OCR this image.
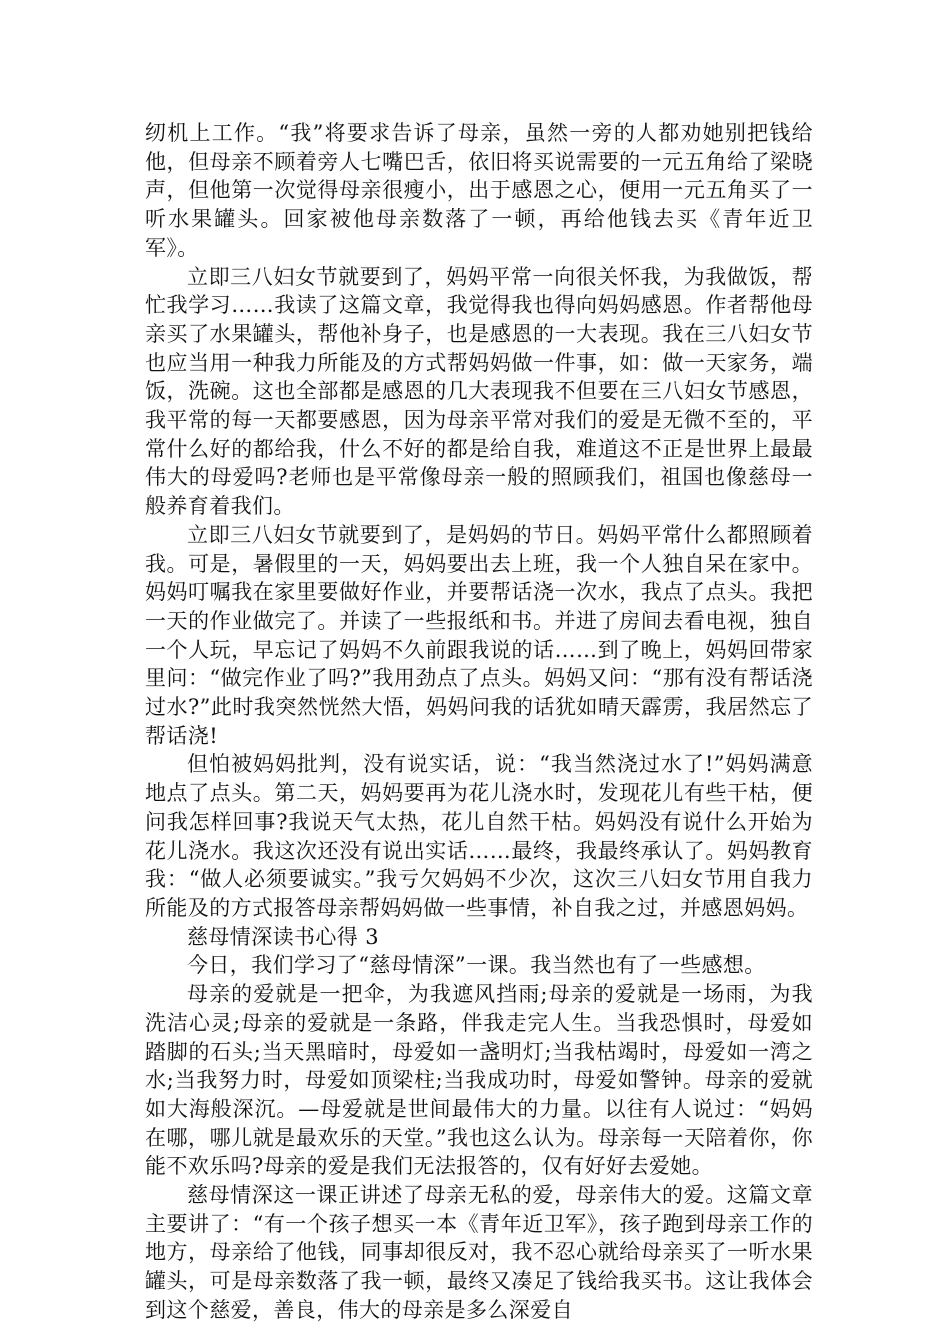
纫机上工作。“我”将要求告诉了母亲，虽然一旁的人都劝她别把钱给他，但母亲不顾着旁人七嘴巴舌，依旧将买说需要的一元五角给了梁晓声，但他第一次觉得母亲很瘦小，出于感恩之心，便用一元五角买了一听水果罐头。回家被他母亲数落了一顿，再给他钱去买《青年近卫军》。

立即三八妇女节就要到了，妈妈平常一向很关怀我，为我做饭，帮忙我学习……我读了这篇文章，我觉得我也得向妈妈感恩。作者帮他母亲买了水果罐头，帮他补身子，也是感恩的一大表现。我在三八妇女节也应当用一种我力所能及的方式帮妈妈做一件事，如：做一天家务，端饭，洗碗。这也全部都是感恩的几大表现我不但要在三八妇女节感恩，我平常的每一天都要感恩，因为母亲平常对我们的爱是无微不至的，平常什么好的都给我，什么不好的都是给自我，难道这不正是世界上最最伟大的母爱吗?老师也是平常像母亲一般的照顾我们，祖国也像慈母一般养育着我们。

立即三八妇女节就要到了，是妈妈的节日。妈妈平常什么都照顾着我。可是，暑假里的一天，妈妈要出去上班，我一个人独自呆在家中。妈妈叮嘱我在家里要做好作业，并要帮话浇一次水，我点了点头。我把一天的作业做完了。并读了一些报纸和书。并进了房间去看电视，独自一个人玩，早忘记了妈妈不久前跟我说的话……到了晚上，妈妈回带家里问：“做完作业了吗?”我用劲点了点头。妈妈又问：“那有没有帮话浇过水?”此时我突然恍然大悟，妈妈问我的话犹如晴天霹雳，我居然忘了帮话浇!

但怕被妈妈批判，没有说实话，说：“我当然浇过水了!”妈妈满意地点了点头。第二天，妈妈要再为花儿浇水时，发现花儿有些干枯，便问我怎样回事?我说天气太热，花儿自然干枯。妈妈没有说什么开始为花儿浇水。我这次还没有说出实话……最终，我最终承认了。妈妈教育我：“做人必须要诚实。”我亏欠妈妈不少次，这次三八妇女节用自我力所能及的方式报答母亲帮妈妈做一些事情，补自我之过，并感恩妈妈。

慈母情深读书心得 3

今日，我们学习了“慈母情深”一课。我当然也有了一些感想。

母亲的爱就是一把伞，为我遮风挡雨;母亲的爱就是一场雨，为我洗洁心灵;母亲的爱就是一条路，伴我走完人生。当我恐惧时，母爱如踏脚的石头;当天黑暗时，母爱如一盏明灯;当我枯竭时，母爱如一湾之水;当我努力时，母爱如顶梁柱;当我成功时，母爱如警钟。母亲的爱就如大海般深沉。—母爱就是世间最伟大的力量。以往有人说过：“妈妈在哪，哪儿就是最欢乐的天堂。”我也这么认为。母亲每一天陪着你，你能不欢乐吗?母亲的爱是我们无法报答的，仅有好好去爱她。

慈母情深这一课正讲述了母亲无私的爱，母亲伟大的爱。这篇文章主要讲了：“有一个孩子想买一本《青年近卫军》，孩子跑到母亲工作的地方，母亲给了他钱，同事却很反对，我不忍心就给母亲买了一听水果罐头，可是母亲数落了我一顿，最终又凑足了钱给我买书。这让我体会到这个慈爱，善良，伟大的母亲是多么深爱自
